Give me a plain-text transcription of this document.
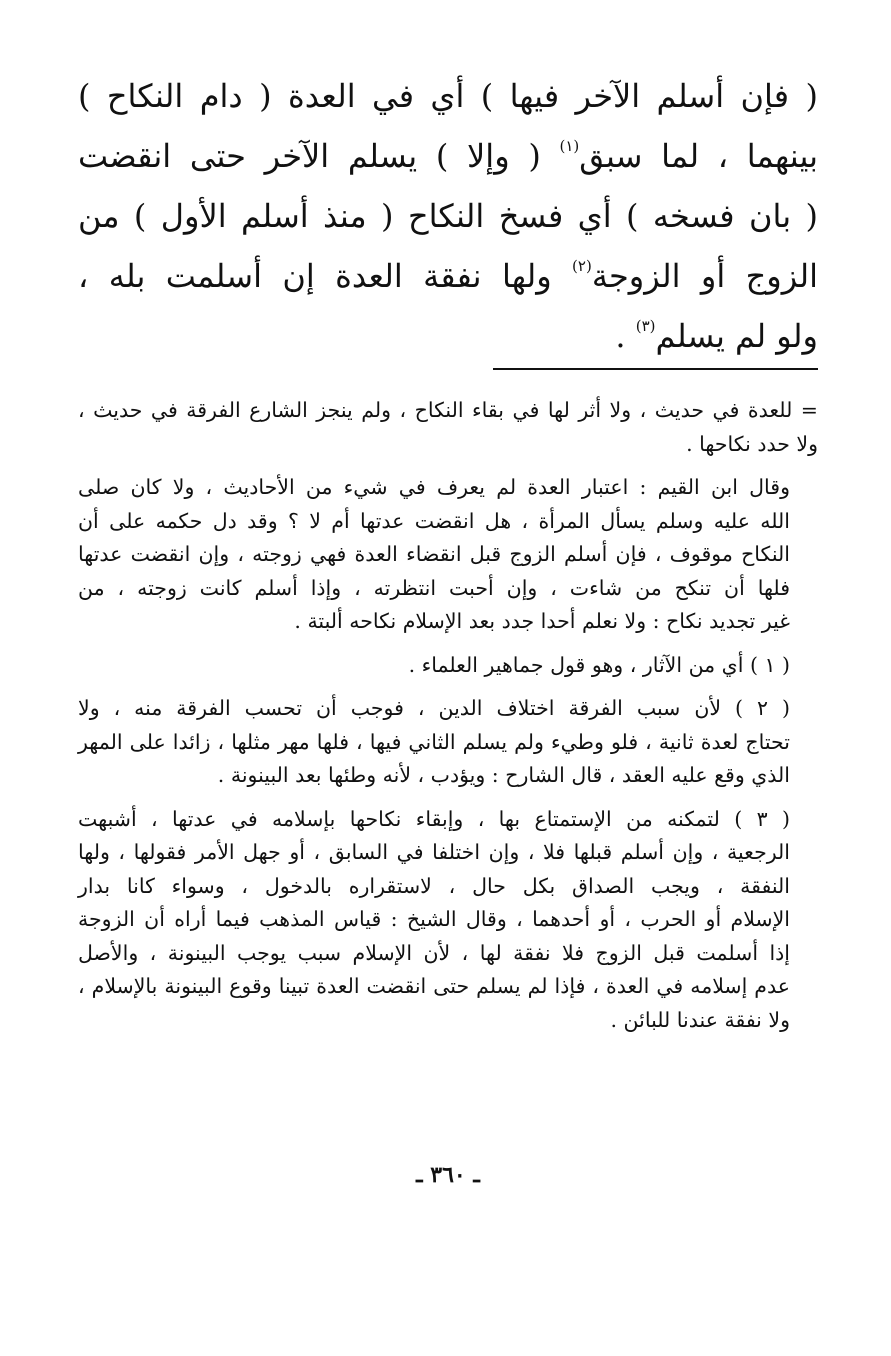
( فإن أسلم الآخر فيها ) أي في العدة ( دام النكاح )
بينهما ، لما سبق$^{(١)}$ ( وإلا ) يسلم الآخر حتى انقضت
( بان فسخه ) أي فسخ النكاح ( منذ أسلم الأول ) من
الزوج أو الزوجة$^{(٢)}$ ولها نفقة العدة إن أسلمت بله ،
ولو لم يسلم$^{(٣)}$ .

= للعدة في حديث ، ولا أثر لها في بقاء النكاح ، ولم ينجز الشارع الفرقة في حديث ،
ولا حدد نكاحها .

وقال ابن القيم : اعتبار العدة لم يعرف في شيء من الأحاديث ، ولا كان صلى
الله عليه وسلم يسأل المرأة ، هل انقضت عدتها أم لا ؟ وقد دل حكمه على أن
النكاح موقوف ، فإن أسلم الزوج قبل انقضاء العدة فهي زوجته ، وإن انقضت عدتها
فلها أن تنكح من شاءت ، وإن أحبت انتظرته ، وإذا أسلم كانت زوجته ، من
غير تجديد نكاح : ولا نعلم أحدا جدد بعد الإسلام نكاحه ألبتة .

( ١ ) أي من الآثار ، وهو قول جماهير العلماء .

( ٢ ) لأن سبب الفرقة اختلاف الدين ، فوجب أن تحسب الفرقة منه ، ولا
تحتاج لعدة ثانية ، فلو وطيء ولم يسلم الثاني فيها ، فلها مهر مثلها ، زائدا على المهر
الذي وقع عليه العقد ، قال الشارح : ويؤدب ، لأنه وطئها بعد البينونة .

( ٣ ) لتمكنه من الإستمتاع بها ، وإبقاء نكاحها بإسلامه في عدتها ، أشبهت
الرجعية ، وإن أسلم قبلها فلا ، وإن اختلفا في السابق ، أو جهل الأمر فقولها ، ولها
النفقة ، ويجب الصداق بكل حال ، لاستقراره بالدخول ، وسواء كانا بدار
الإسلام أو الحرب ، أو أحدهما ، وقال الشيخ : قياس المذهب فيما أراه أن الزوجة
إذا أسلمت قبل الزوج فلا نفقة لها ، لأن الإسلام سبب يوجب البينونة ، والأصل
عدم إسلامه في العدة ، فإذا لم يسلم حتى انقضت العدة تبينا وقوع البينونة بالإسلام ،
ولا نفقة عندنا للبائن .

ـ ٣٦٠ ـ
